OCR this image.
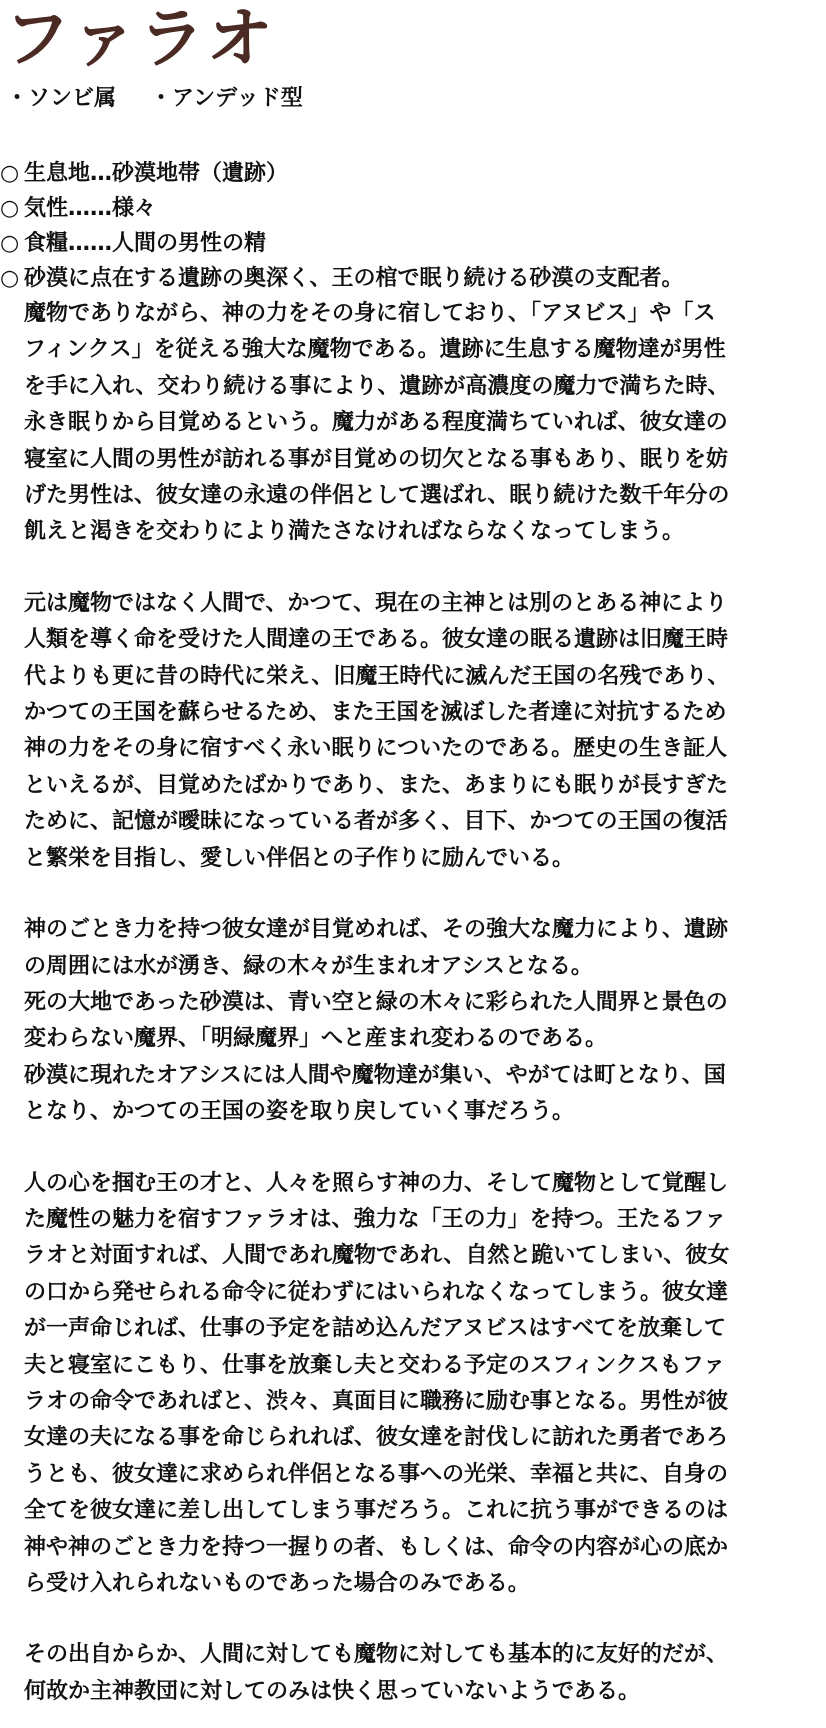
ファラオ
・ソンビ属 ・アンデッド型
○ 生息地…砂漠地帯（遺跡）
○ 気性……様々
○ 食糧……人間の男性の精
○ 砂漠に点在する遺跡の奥深く、王の棺で眠り続ける砂漠の支配者。
魔物でありながら、神の力をその身に宿しており、「アヌビス」や「ス
フィンクス」を従える強大な魔物である。遺跡に生息する魔物達が男性
を手に入れ、交わり続ける事により、遺跡が高濃度の魔力で満ちた時、
永き眠りから目覚めるという。魔力がある程度満ちていれば、彼女達の
寝室に人間の男性が訪れる事が目覚めの切欠となる事もあり、眠りを妨
げた男性は、彼女達の永遠の伴侶として選ばれ、眠り続けた数千年分の
飢えと渇きを交わりにより満たさなければならなくなってしまう。
元は魔物ではなく人間で、かつて、現在の主神とは別のとある神により
人類を導く命を受けた人間達の王である。彼女達の眠る遺跡は旧魔王時
代よりも更に昔の時代に栄え、旧魔王時代に滅んだ王国の名残であり、
かつての王国を蘇らせるため、また王国を滅ぼした者達に対抗するため
神の力をその身に宿すべく永い眠りについたのである。歴史の生き証人
といえるが、目覚めたばかりであり、また、あまりにも眠りが長すぎた
ために、記憶が曖昧になっている者が多く、目下、かつての王国の復活
と繁栄を目指し、愛しい伴侶との子作りに励んでいる。
神のごとき力を持つ彼女達が目覚めれば、その強大な魔力により、遺跡
の周囲には水が湧き、緑の木々が生まれオアシスとなる。
死の大地であった砂漠は、青い空と緑の木々に彩られた人間界と景色の
変わらない魔界、「明緑魔界」へと産まれ変わるのである。
砂漠に現れたオアシスには人間や魔物達が集い、やがては町となり、国
となり、かつての王国の姿を取り戻していく事だろう。
人の心を掴む王の才と、人々を照らす神の力、そして魔物として覚醒し
た魔性の魅力を宿すファラオは、強力な「王の力」を持つ。王たるファ
ラオと対面すれば、人間であれ魔物であれ、自然と跪いてしまい、彼女
の口から発せられる命令に従わずにはいられなくなってしまう。彼女達
が一声命じれば、仕事の予定を詰め込んだアヌビスはすべてを放棄して
夫と寝室にこもり、仕事を放棄し夫と交わる予定のスフィンクスもファ
ラオの命令であればと、渋々、真面目に職務に励む事となる。男性が彼
女達の夫になる事を命じられれば、彼女達を討伐しに訪れた勇者であろ
うとも、彼女達に求められ伴侶となる事への光栄、幸福と共に、自身の
全てを彼女達に差し出してしまう事だろう。これに抗う事ができるのは
神や神のごとき力を持つ一握りの者、もしくは、命令の内容が心の底か
ら受け入れられないものであった場合のみである。
その出自からか、人間に対しても魔物に対しても基本的に友好的だが、
何故か主神教団に対してのみは快く思っていないようである。
